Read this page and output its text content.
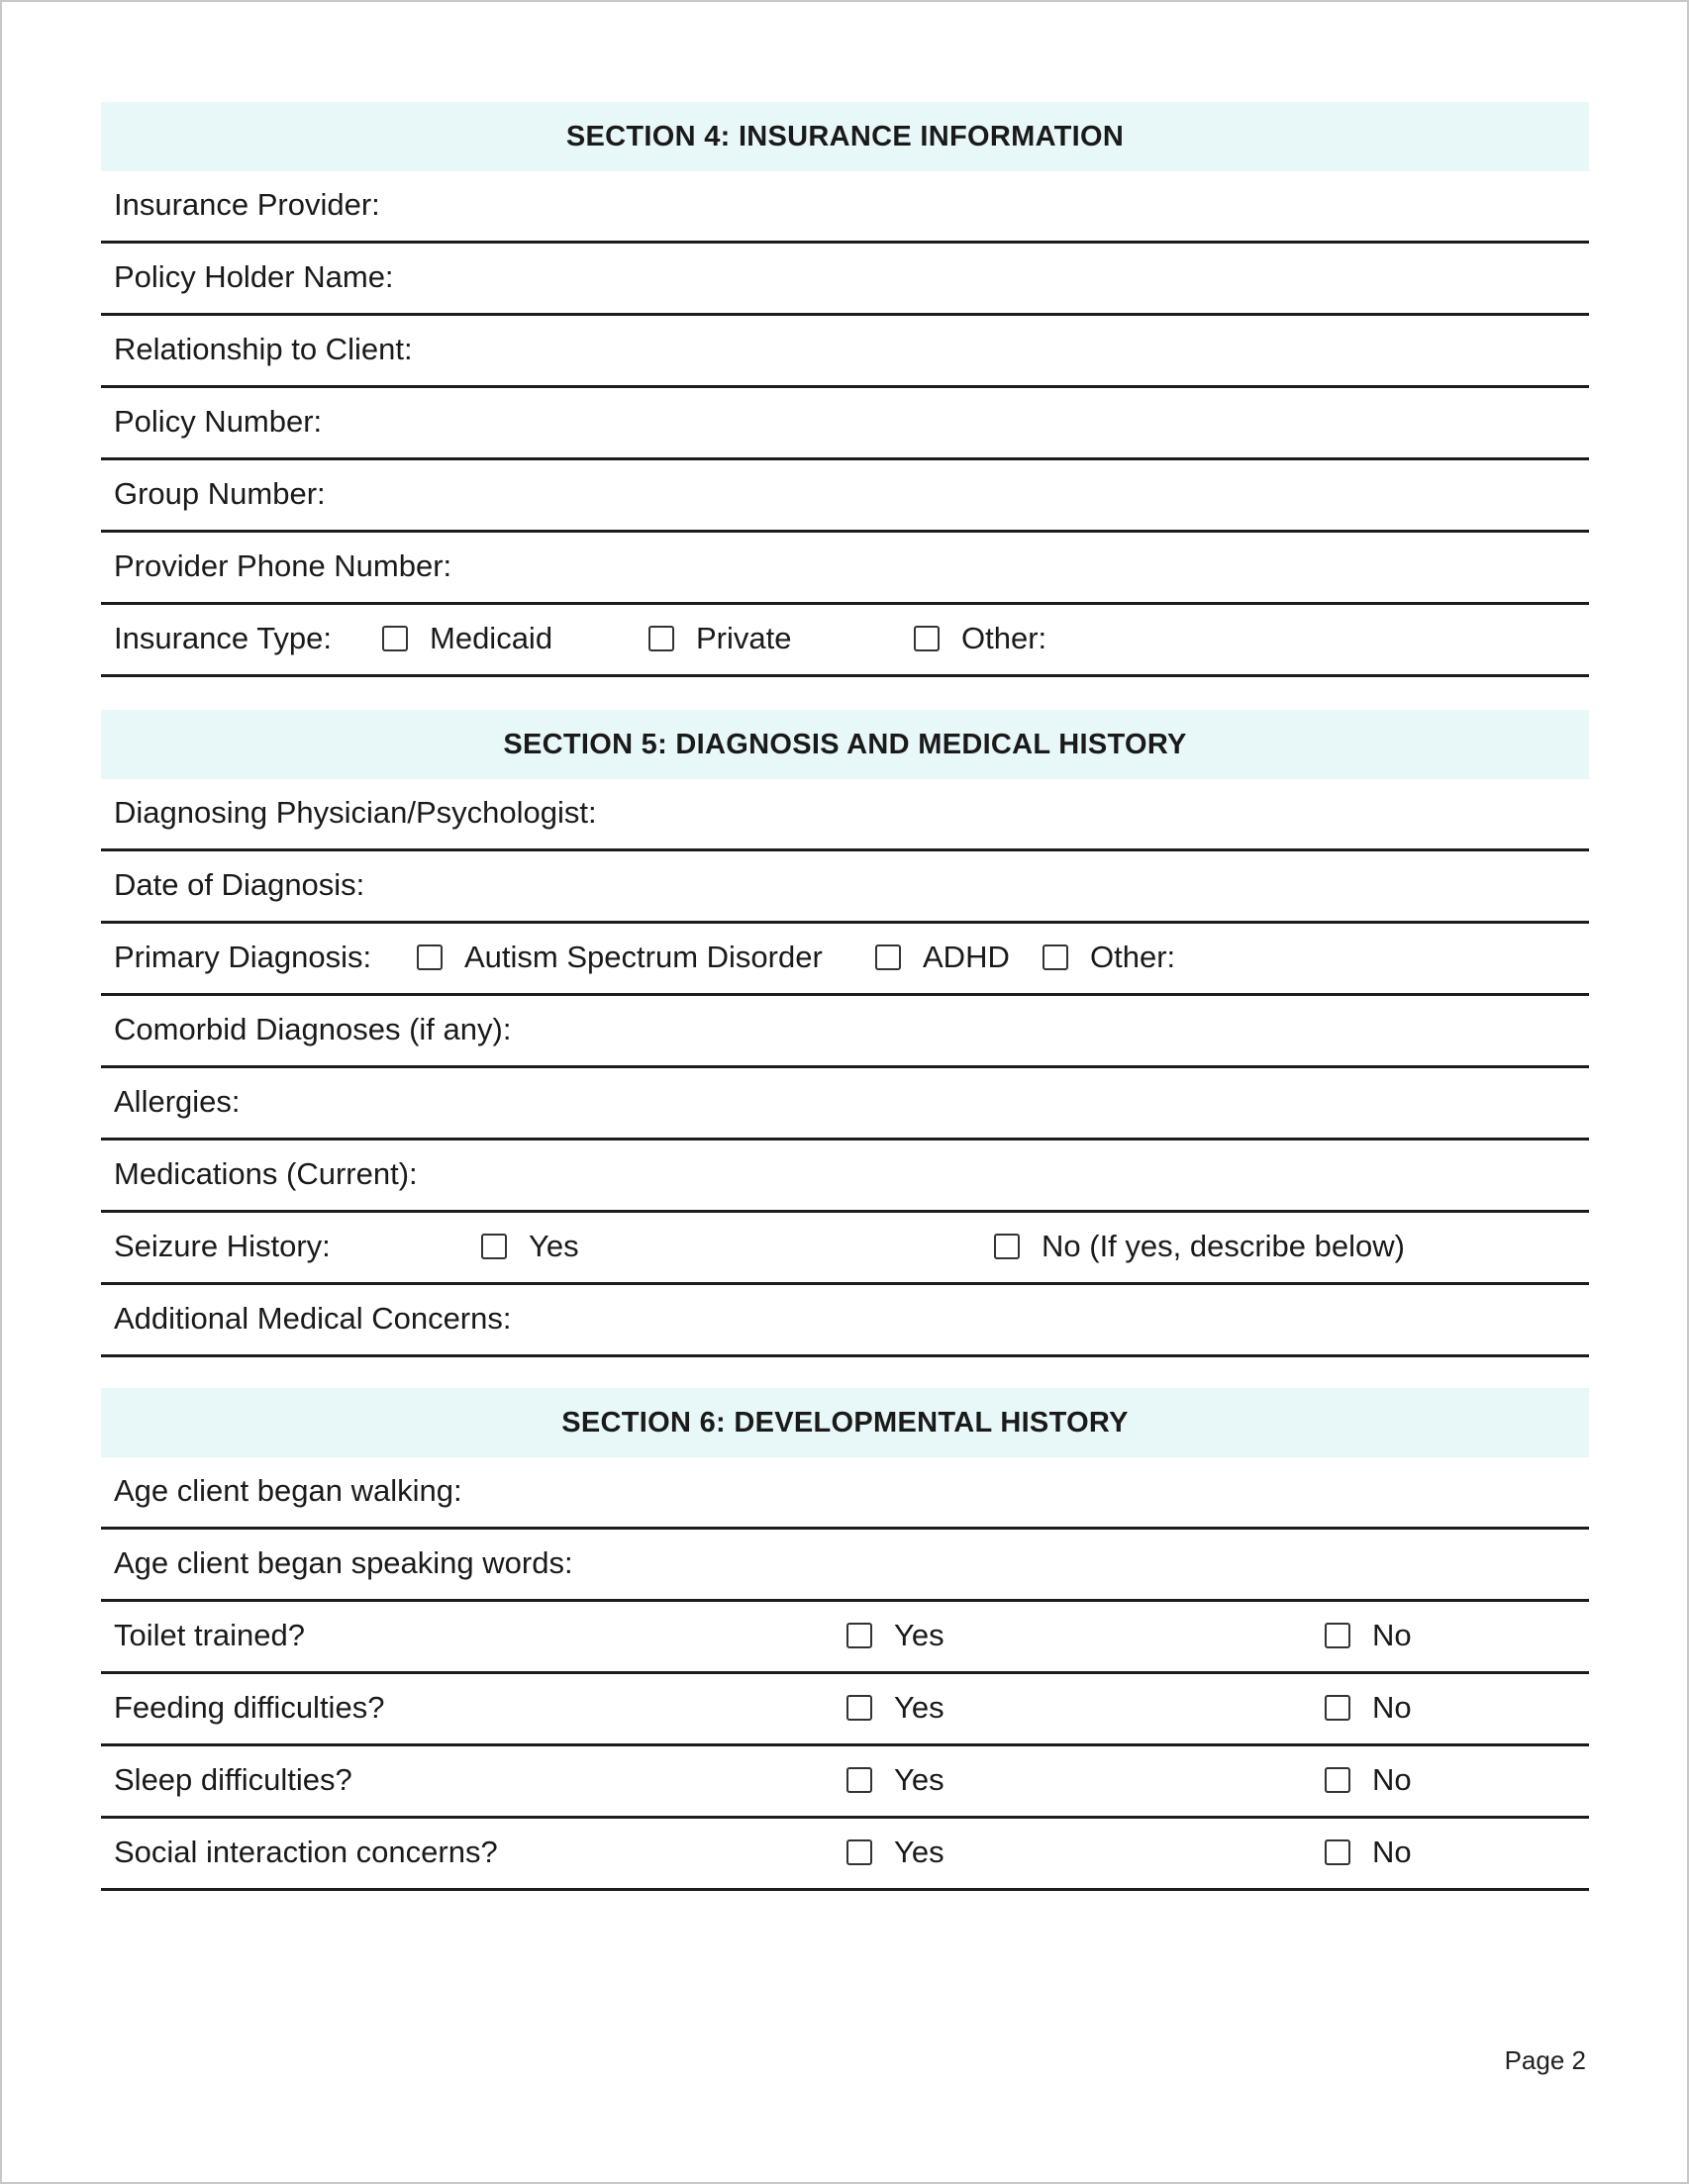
SECTION 4: INSURANCE INFORMATION
Insurance Provider:
Policy Holder Name:
Relationship to Client:
Policy Number:
Group Number:
Provider Phone Number:
Insurance Type:	Medicaid	Private	Other:
SECTION 5: DIAGNOSIS AND MEDICAL HISTORY
Diagnosing Physician/Psychologist:
Date of Diagnosis:
Primary Diagnosis:	Autism Spectrum Disorder	ADHD	Other:
Comorbid Diagnoses (if any):
Allergies:
Medications (Current):
Seizure History:	Yes	No (If yes, describe below)
Additional Medical Concerns:
SECTION 6: DEVELOPMENTAL HISTORY
Age client began walking:
Age client began speaking words:
Toilet trained?	Yes	No
Feeding difficulties?	Yes	No
Sleep difficulties?	Yes	No
Social interaction concerns?	Yes	No
Page 2
